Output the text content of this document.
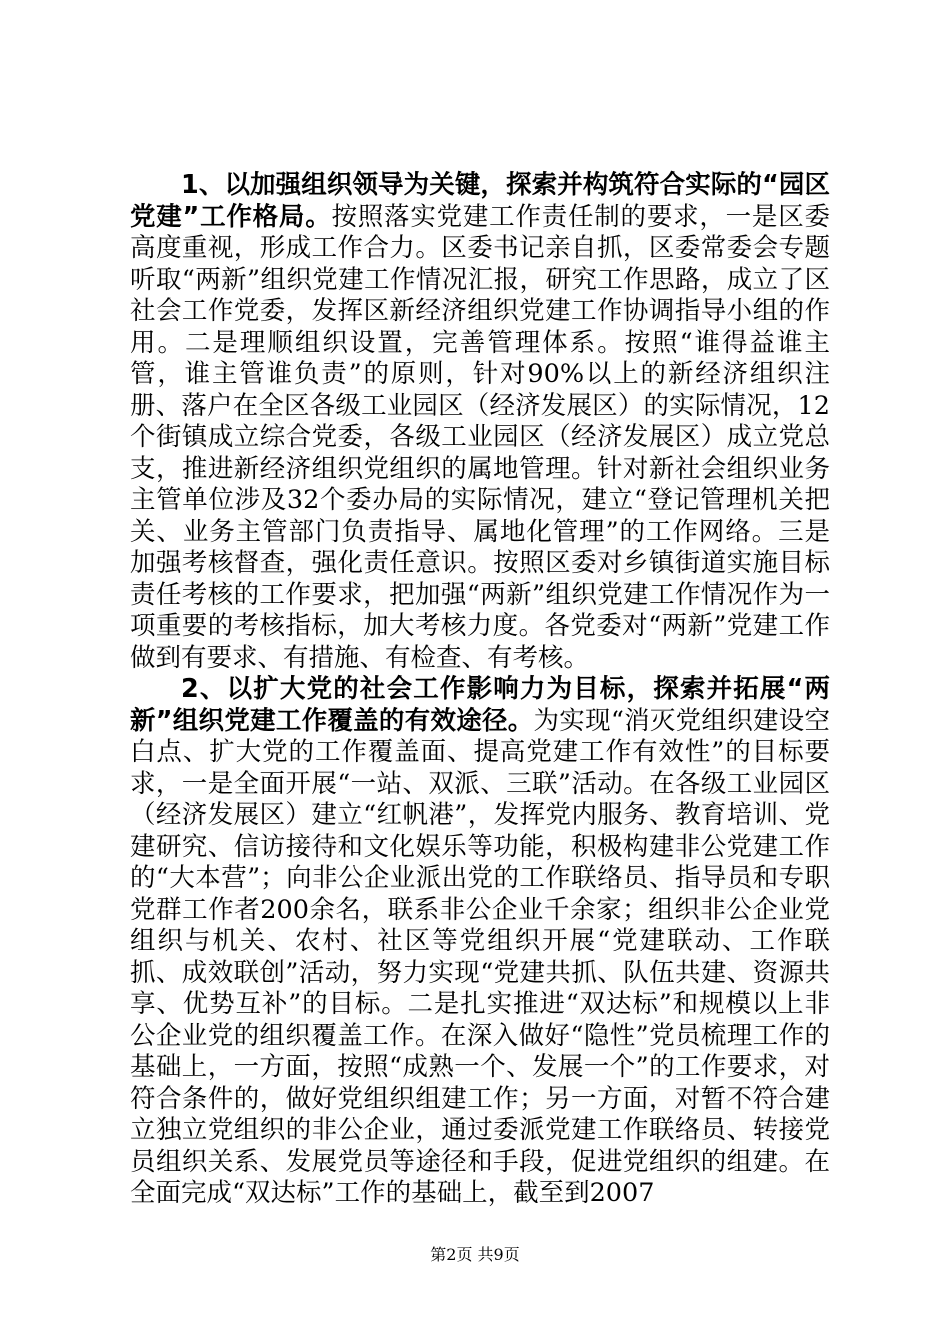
1、以加强组织领导为关键，探索并构筑符合实际的“园区党建”工作格局。按照落实党建工作责任制的要求，一是区委高度重视，形成工作合力。区委书记亲自抓，区委常委会专题听取“两新”组织党建工作情况汇报，研究工作思路，成立了区社会工作党委，发挥区新经济组织党建工作协调指导小组的作用。二是理顺组织设置，完善管理体系。按照“谁得益谁主管，谁主管谁负责”的原则，针对90%以上的新经济组织注册、落户在全区各级工业园区（经济发展区）的实际情况，12个街镇成立综合党委，各级工业园区（经济发展区）成立党总支，推进新经济组织党组织的属地管理。针对新社会组织业务主管单位涉及32个委办局的实际情况，建立“登记管理机关把关、业务主管部门负责指导、属地化管理”的工作网络。三是加强考核督查，强化责任意识。按照区委对乡镇街道实施目标责任考核的工作要求，把加强“两新”组织党建工作情况作为一项重要的考核指标，加大考核力度。各党委对“两新”党建工作做到有要求、有措施、有检查、有考核。

2、以扩大党的社会工作影响力为目标，探索并拓展“两新”组织党建工作覆盖的有效途径。为实现“消灭党组织建设空白点、扩大党的工作覆盖面、提高党建工作有效性”的目标要求，一是全面开展“一站、双派、三联”活动。在各级工业园区（经济发展区）建立“红帆港”，发挥党内服务、教育培训、党建研究、信访接待和文化娱乐等功能，积极构建非公党建工作的“大本营”；向非公企业派出党的工作联络员、指导员和专职党群工作者200余名，联系非公企业千余家；组织非公企业党组织与机关、农村、社区等党组织开展“党建联动、工作联抓、成效联创”活动，努力实现“党建共抓、队伍共建、资源共享、优势互补”的目标。二是扎实推进“双达标”和规模以上非公企业党的组织覆盖工作。在深入做好“隐性”党员梳理工作的基础上，一方面，按照“成熟一个、发展一个”的工作要求，对符合条件的，做好党组织组建工作；另一方面，对暂不符合建立独立党组织的非公企业，通过委派党建工作联络员、转接党员组织关系、发展党员等途径和手段，促进党组织的组建。在全面完成“双达标”工作的基础上，截至到2007

第2页 共9页
